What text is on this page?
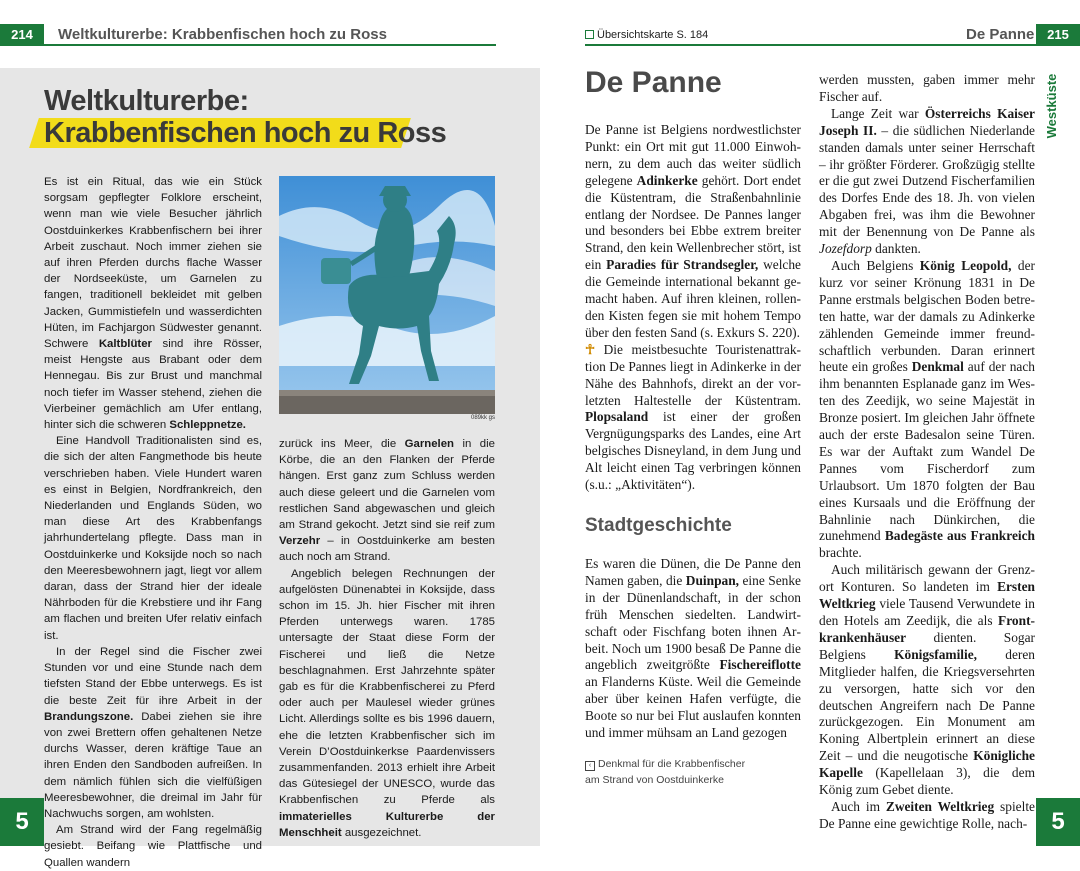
214	Weltkulturerbe: Krabbenfischen hoch zu Ross	Übersichtskarte S. 184	De Panne 215
Weltkulturerbe:
Krabbenfischen hoch zu Ross

Es ist ein Ritual, das wie ein Stück sorgsam gepflegter Folklore erscheint, wenn man wie viele Besucher jährlich Oostduinkerkes Krabbenfischern bei ihrer Arbeit zuschaut. Noch immer ziehen sie auf ihren Pferden durchs flache Wasser der Nordseeküste, um Garnelen zu fangen, traditionell bekleidet mit gelben Jacken, Gummistiefeln und wasserdichten Hüten, im Fachjargon Südwester genannt. Schwere Kaltblüter sind ihre Rösser, meist Hengste aus Brabant oder dem Hennegau. Bis zur Brust und manchmal noch tiefer im Wasser stehend, ziehen die Vierbeiner gemächlich am Ufer entlang, hinter sich die schweren Schleppnetze.

Eine Handvoll Traditionalisten sind es, die sich der alten Fangmethode bis heute verschrieben haben. Viele Hundert waren es einst in Belgien, Nordfrankreich, den Niederlanden und Englands Süden, wo man diese Art des Krabbenfangs jahrhundertelang pflegte. Dass man in Oostduinkerke und Koksijde noch so nach den Meeresbewohnern jagt, liegt vor allem daran, dass der Strand hier der ideale Nährboden für die Krebstiere und ihr Fang am flachen und breiten Ufer relativ einfach ist.

In der Regel sind die Fischer zwei Stunden vor und eine Stunde nach dem tiefsten Stand der Ebbe unterwegs. Es ist die beste Zeit für ihre Arbeit in der Brandungszone. Dabei ziehen sie ihre von zwei Brettern offen gehaltenen Netze durchs Wasser, deren kräftige Taue an ihren Enden den Sandboden aufreißen. In dem nämlich fühlen sich die vielfüßigen Meeresbewohner, die dreimal im Jahr für Nachwuchs sorgen, am wohlsten.

Am Strand wird der Fang regelmäßig gesiebt. Beifang wie Plattfische und Quallen wandern

089kk gs

zurück ins Meer, die Garnelen in die Körbe, die an den Flanken der Pferde hängen. Erst ganz zum Schluss werden auch diese geleert und die Garnelen vom restlichen Sand abgewaschen und gleich am Strand gekocht. Jetzt sind sie reif zum Verzehr – in Oostduinkerke am besten auch noch am Strand.

Angeblich belegen Rechnungen der aufgelösten Dünenabtei in Koksijde, dass schon im 15. Jh. hier Fischer mit ihren Pferden unterwegs waren. 1785 untersagte der Staat diese Form der Fischerei und ließ die Netze beschlagnahmen. Erst Jahrzehnte später gab es für die Krabbenfischerei zu Pferd oder auch per Maulesel wieder grünes Licht. Allerdings sollte es bis 1996 dauern, ehe die letzten Krabbenfischer sich im Verein D’Oostduinkerkse Paardenvissers zusammenfanden. 2013 erhielt ihre Arbeit das Gütesiegel der UNESCO, wurde das Krabbenfischen zu Pferde als immaterielles Kulturerbe der Menschheit ausgezeichnet.

5
De Panne

De Panne ist Belgiens nordwestlichster Punkt: ein Ort mit gut 11.000 Einwohnern, zu dem auch das weiter südlich gelegene Adinkerke gehört. Dort endet die Küstentram, die Straßenbahnlinie entlang der Nordsee. De Pannes langer und besonders bei Ebbe extrem breiter Strand, den kein Wellenbrecher stört, ist ein Paradies für Strandsegler, welche die Gemeinde international bekannt gemacht haben. Auf ihren kleinen, rollenden Kisten fegen sie mit hohem Tempo über den festen Sand (s. Exkurs S. 220).

☥ Die meistbesuchte Touristenattraktion De Pannes liegt in Adinkerke in der Nähe des Bahnhofs, direkt an der vorletzten Haltestelle der Küstentram. Plopsaland ist einer der großen Vergnügungsparks des Landes, eine Art belgisches Disneyland, in dem Jung und Alt leicht einen Tag verbringen können (s.u.: „Aktivitäten“).

Stadtgeschichte

Es waren die Dünen, die De Panne den Namen gaben, die Duinpan, eine Senke in der Dünenlandschaft, in der schon früh Menschen siedelten. Landwirtschaft oder Fischfang boten ihnen Arbeit. Noch um 1900 besaß De Panne die angeblich zweitgrößte Fischereiflotte an Flanderns Küste. Weil die Gemeinde aber über keinen Hafen verfügte, die Boote so nur bei Flut auslaufen konnten und immer mühsam an Land gezogen

‹ Denkmal für die Krabbenfischer
am Strand von Oostduinkerke

werden mussten, gaben immer mehr Fischer auf.

Lange Zeit war Österreichs Kaiser Joseph II. – die südlichen Niederlande standen damals unter seiner Herrschaft – ihr größter Förderer. Großzügig stellte er die gut zwei Dutzend Fischerfamilien des Dorfes Ende des 18. Jh. von vielen Abgaben frei, was ihm die Bewohner mit der Benennung von De Panne als Jozefdorp dankten.

Auch Belgiens König Leopold, der kurz vor seiner Krönung 1831 in De Panne erstmals belgischen Boden betreten hatte, war der damals zu Adinkerke zählenden Gemeinde immer freundschaftlich verbunden. Daran erinnert heute ein großes Denkmal auf der nach ihm benannten Esplanade ganz im Westen des Zeedijk, wo seine Majestät in Bronze posiert. Im gleichen Jahr öffnete auch der erste Badesalon seine Türen. Es war der Auftakt zum Wandel De Pannes vom Fischerdorf zum Urlaubsort. Um 1870 folgten der Bau eines Kursaals und die Eröffnung der Bahnlinie nach Dünkirchen, die zunehmend Badegäste aus Frankreich brachte.

Auch militärisch gewann der Grenzort Konturen. So landeten im Ersten Weltkrieg viele Tausend Verwundete in den Hotels am Zeedijk, die als Frontkrankenhäuser dienten. Sogar Belgiens Königsfamilie, deren Mitglieder halfen, die Kriegsversehrten zu versorgen, hatte sich vor den deutschen Angreifern nach De Panne zurückgezogen. Ein Monument am Koning Albertplein erinnert an diese Zeit – und die neugotische Königliche Kapelle (Kapellelaan 3), die dem König zum Gebet diente.

Auch im Zweiten Weltkrieg spielte De Panne eine gewichtige Rolle, nach-

Westküste
5
